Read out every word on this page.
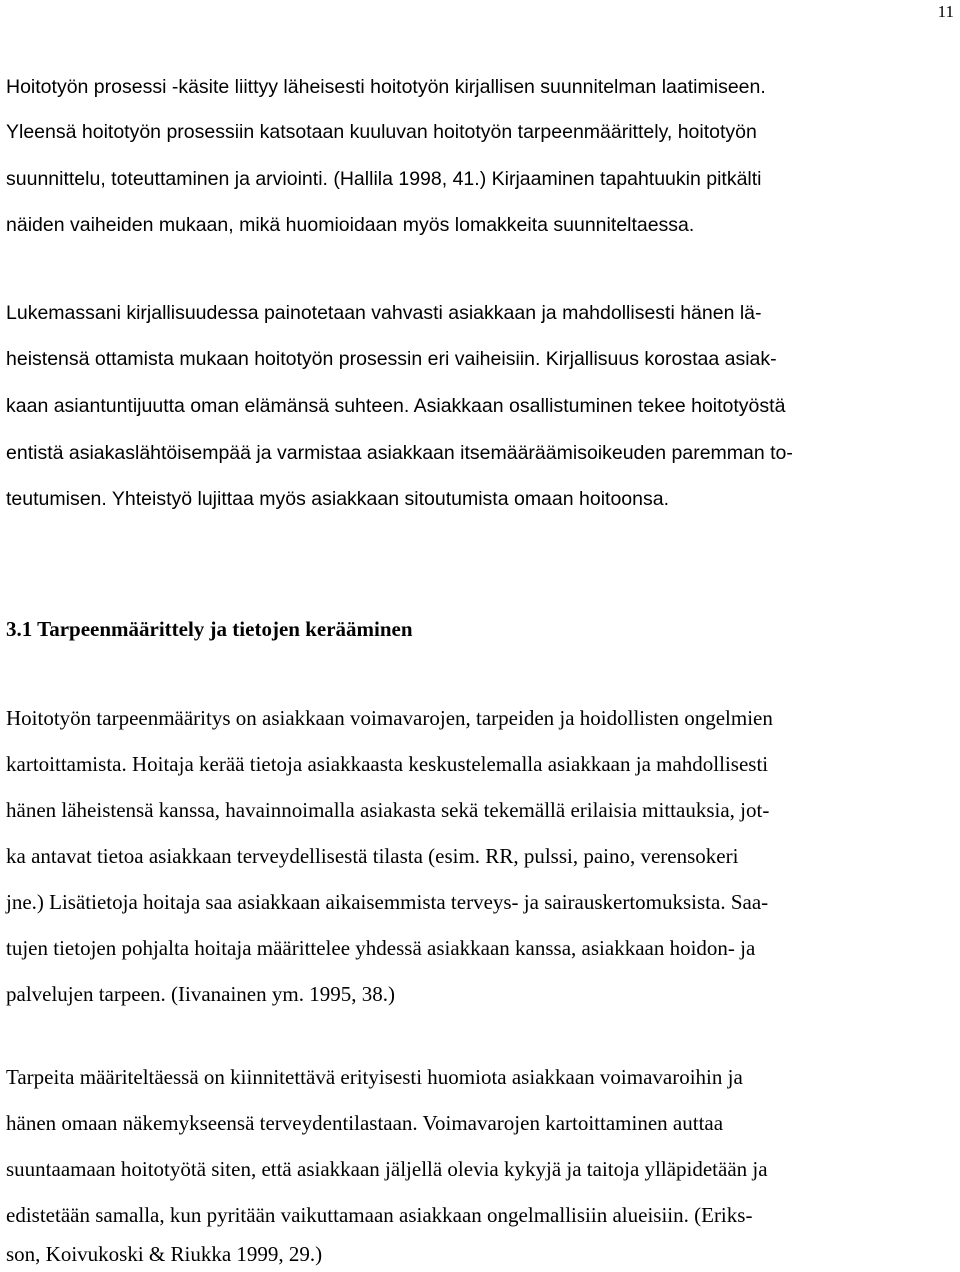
11
Hoitotyön prosessi -käsite liittyy läheisesti hoitotyön kirjallisen suunnitelman laatimiseen.
Yleensä hoitotyön prosessiin katsotaan kuuluvan hoitotyön tarpeenmäärittely, hoitotyön
suunnittelu, toteuttaminen ja arviointi. (Hallila 1998, 41.) Kirjaaminen tapahtuukin pitkälti
näiden vaiheiden mukaan, mikä huomioidaan myös lomakkeita suunniteltaessa.
Lukemassani kirjallisuudessa painotetaan vahvasti asiakkaan ja mahdollisesti hänen lä-
heistensä ottamista mukaan hoitotyön prosessin eri vaiheisiin. Kirjallisuus korostaa asiak-
kaan asiantuntijuutta oman elämänsä suhteen. Asiakkaan osallistuminen tekee hoitotyöstä
entistä asiakaslähtöisempää ja varmistaa asiakkaan itsemääräämisoikeuden paremman to-
teutumisen. Yhteistyö lujittaa myös asiakkaan sitoutumista omaan hoitoonsa.
3.1 Tarpeenmäärittely ja tietojen kerääminen
Hoitotyön tarpeenmääritys on asiakkaan voimavarojen, tarpeiden ja hoidollisten ongelmien
kartoittamista. Hoitaja kerää tietoja asiakkaasta keskustelemalla asiakkaan ja mahdollisesti
hänen läheistensä kanssa, havainnoimalla asiakasta sekä tekemällä erilaisia mittauksia, jot-
ka antavat tietoa asiakkaan terveydellisestä tilasta (esim. RR, pulssi, paino, verensokeri
jne.) Lisätietoja hoitaja saa asiakkaan aikaisemmista terveys- ja sairauskertomuksista. Saa-
tujen tietojen pohjalta hoitaja määrittelee yhdessä asiakkaan kanssa, asiakkaan hoidon- ja
palvelujen tarpeen. (Iivanainen ym. 1995, 38.)
Tarpeita määriteltäessä on kiinnitettävä erityisesti huomiota asiakkaan voimavaroihin ja
hänen omaan näkemykseensä terveydentilastaan. Voimavarojen kartoittaminen auttaa
suuntaamaan hoitotyötä siten, että asiakkaan jäljellä olevia kykyjä ja taitoja ylläpidetään ja
edistetään samalla, kun pyritään vaikuttamaan asiakkaan ongelmallisiin alueisiin. (Eriks-
son, Koivukoski & Riukka 1999, 29.)
